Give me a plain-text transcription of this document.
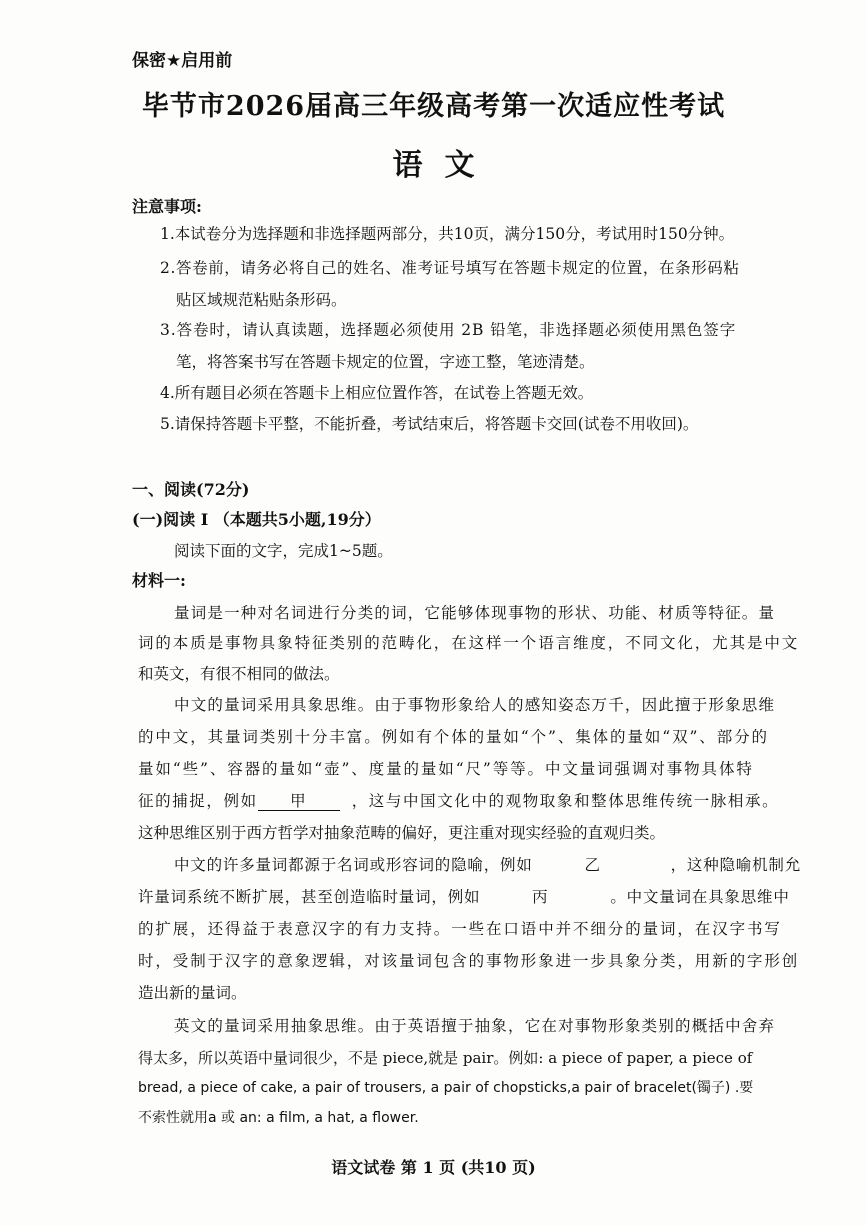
保密★启用前
毕节市2026届高三年级高考第一次适应性考试
语文
注意事项:
1.本试卷分为选择题和非选择题两部分，共10页，满分150分，考试用时150分钟。
2.答卷前，请务必将自己的姓名、准考证号填写在答题卡规定的位置，在条形码粘
贴区域规范粘贴条形码。
3.答卷时，请认真读题，选择题必须使用 2B 铅笔，非选择题必须使用黑色签字
笔，将答案书写在答题卡规定的位置，字迹工整，笔迹清楚。
4.所有题目必须在答题卡上相应位置作答，在试卷上答题无效。
5.请保持答题卡平整，不能折叠，考试结束后，将答题卡交回(试卷不用收回)。
一、阅读(72分)
(一)阅读 I （本题共5小题,19分）
阅读下面的文字，完成1~5题。
材料一:
量词是一种对名词进行分类的词，它能够体现事物的形状、功能、材质等特征。量
词的本质是事物具象特征类别的范畴化，在这样一个语言维度，不同文化，尤其是中文
和英文，有很不相同的做法。
中文的量词采用具象思维。由于事物形象给人的感知姿态万千，因此擅于形象思维
的中文，其量词类别十分丰富。例如有个体的量如“个”、集体的量如“双”、部分的
量如“些”、容器的量如“壶”、度量的量如“尺”等等。中文量词强调对事物具体特
征的捕捉，例如 甲	，这与中国文化中的观物取象和整体思维传统一脉相承。
这种思维区别于西方哲学对抽象范畴的偏好，更注重对现实经验的直观归类。
中文的许多量词都源于名词或形容词的隐喻，例如	乙	，这种隐喻机制允
许量词系统不断扩展，甚至创造临时量词，例如	丙	。中文量词在具象思维中
的扩展，还得益于表意汉字的有力支持。一些在口语中并不细分的量词，在汉字书写
时，受制于汉字的意象逻辑，对该量词包含的事物形象进一步具象分类，用新的字形创
造出新的量词。
英文的量词采用抽象思维。由于英语擅于抽象，它在对事物形象类别的概括中舍弃
得太多，所以英语中量词很少，不是 piece,就是 pair。例如: a piece of paper, a piece of
bread, a piece of cake, a pair of trousers, a pair of chopsticks,a pair of bracelet(镯子) .要
不索性就用a 或 an: a film, a hat, a flower.
语文试卷 第 1 页 (共10 页)
